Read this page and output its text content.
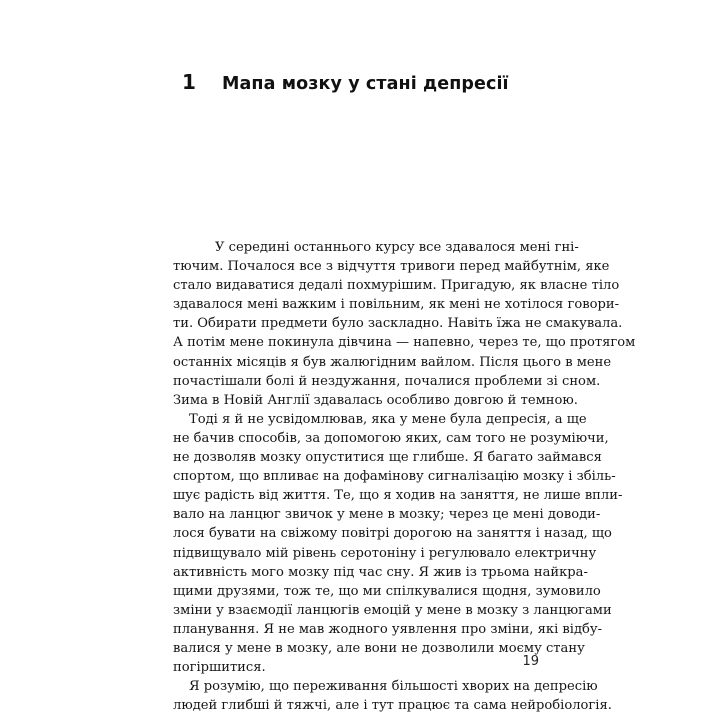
1	Мапа мозку у стані депресії
У середині останнього курсу все здавалося мені гні-
тючим. Почалося все з відчуття тривоги перед майбутнім, яке
стало видаватися дедалі похмурішим. Пригадую, як власне тіло
здавалося мені важким і повільним, як мені не хотілося говори-
ти. Обирати предмети було заскладно. Навіть їжа не смакувала.
А потім мене покинула дівчина — напевно, через те, що протягом
останніх місяців я був жалюгідним вайлом. Після цього в мене
почастішали болі й нездужання, почалися проблеми зі сном.
Зима в Новій Англії здавалась особливо довгою й темною.
Тоді я й не усвідомлював, яка у мене була депресія, а ще
не бачив способів, за допомогою яких, сам того не розуміючи,
не дозволяв мозку опуститися ще глибше. Я багато займався
спортом, що впливає на дофамінову сигналізацію мозку і збіль-
шує радість від життя. Те, що я ходив на заняття, не лише впли-
вало на ланцюг звичок у мене в мозку; через це мені доводи-
лося бувати на свіжому повітрі дорогою на заняття і назад, що
підвищувало мій рівень серотоніну і регулювало електричну
активність мого мозку під час сну. Я жив із трьома найкра-
щими друзями, тож те, що ми спілкувалися щодня, зумовило
зміни у взаємодії ланцюгів емоцій у мене в мозку з ланцюгами
планування. Я не мав жодного уявлення про зміни, які відбу-
валися у мене в мозку, але вони не дозволили моєму стану
погіршитися.
Я розумію, що переживання більшості хворих на депресію
людей глибші й тяжчі, але і тут працює та сама нейробіологія.
19
